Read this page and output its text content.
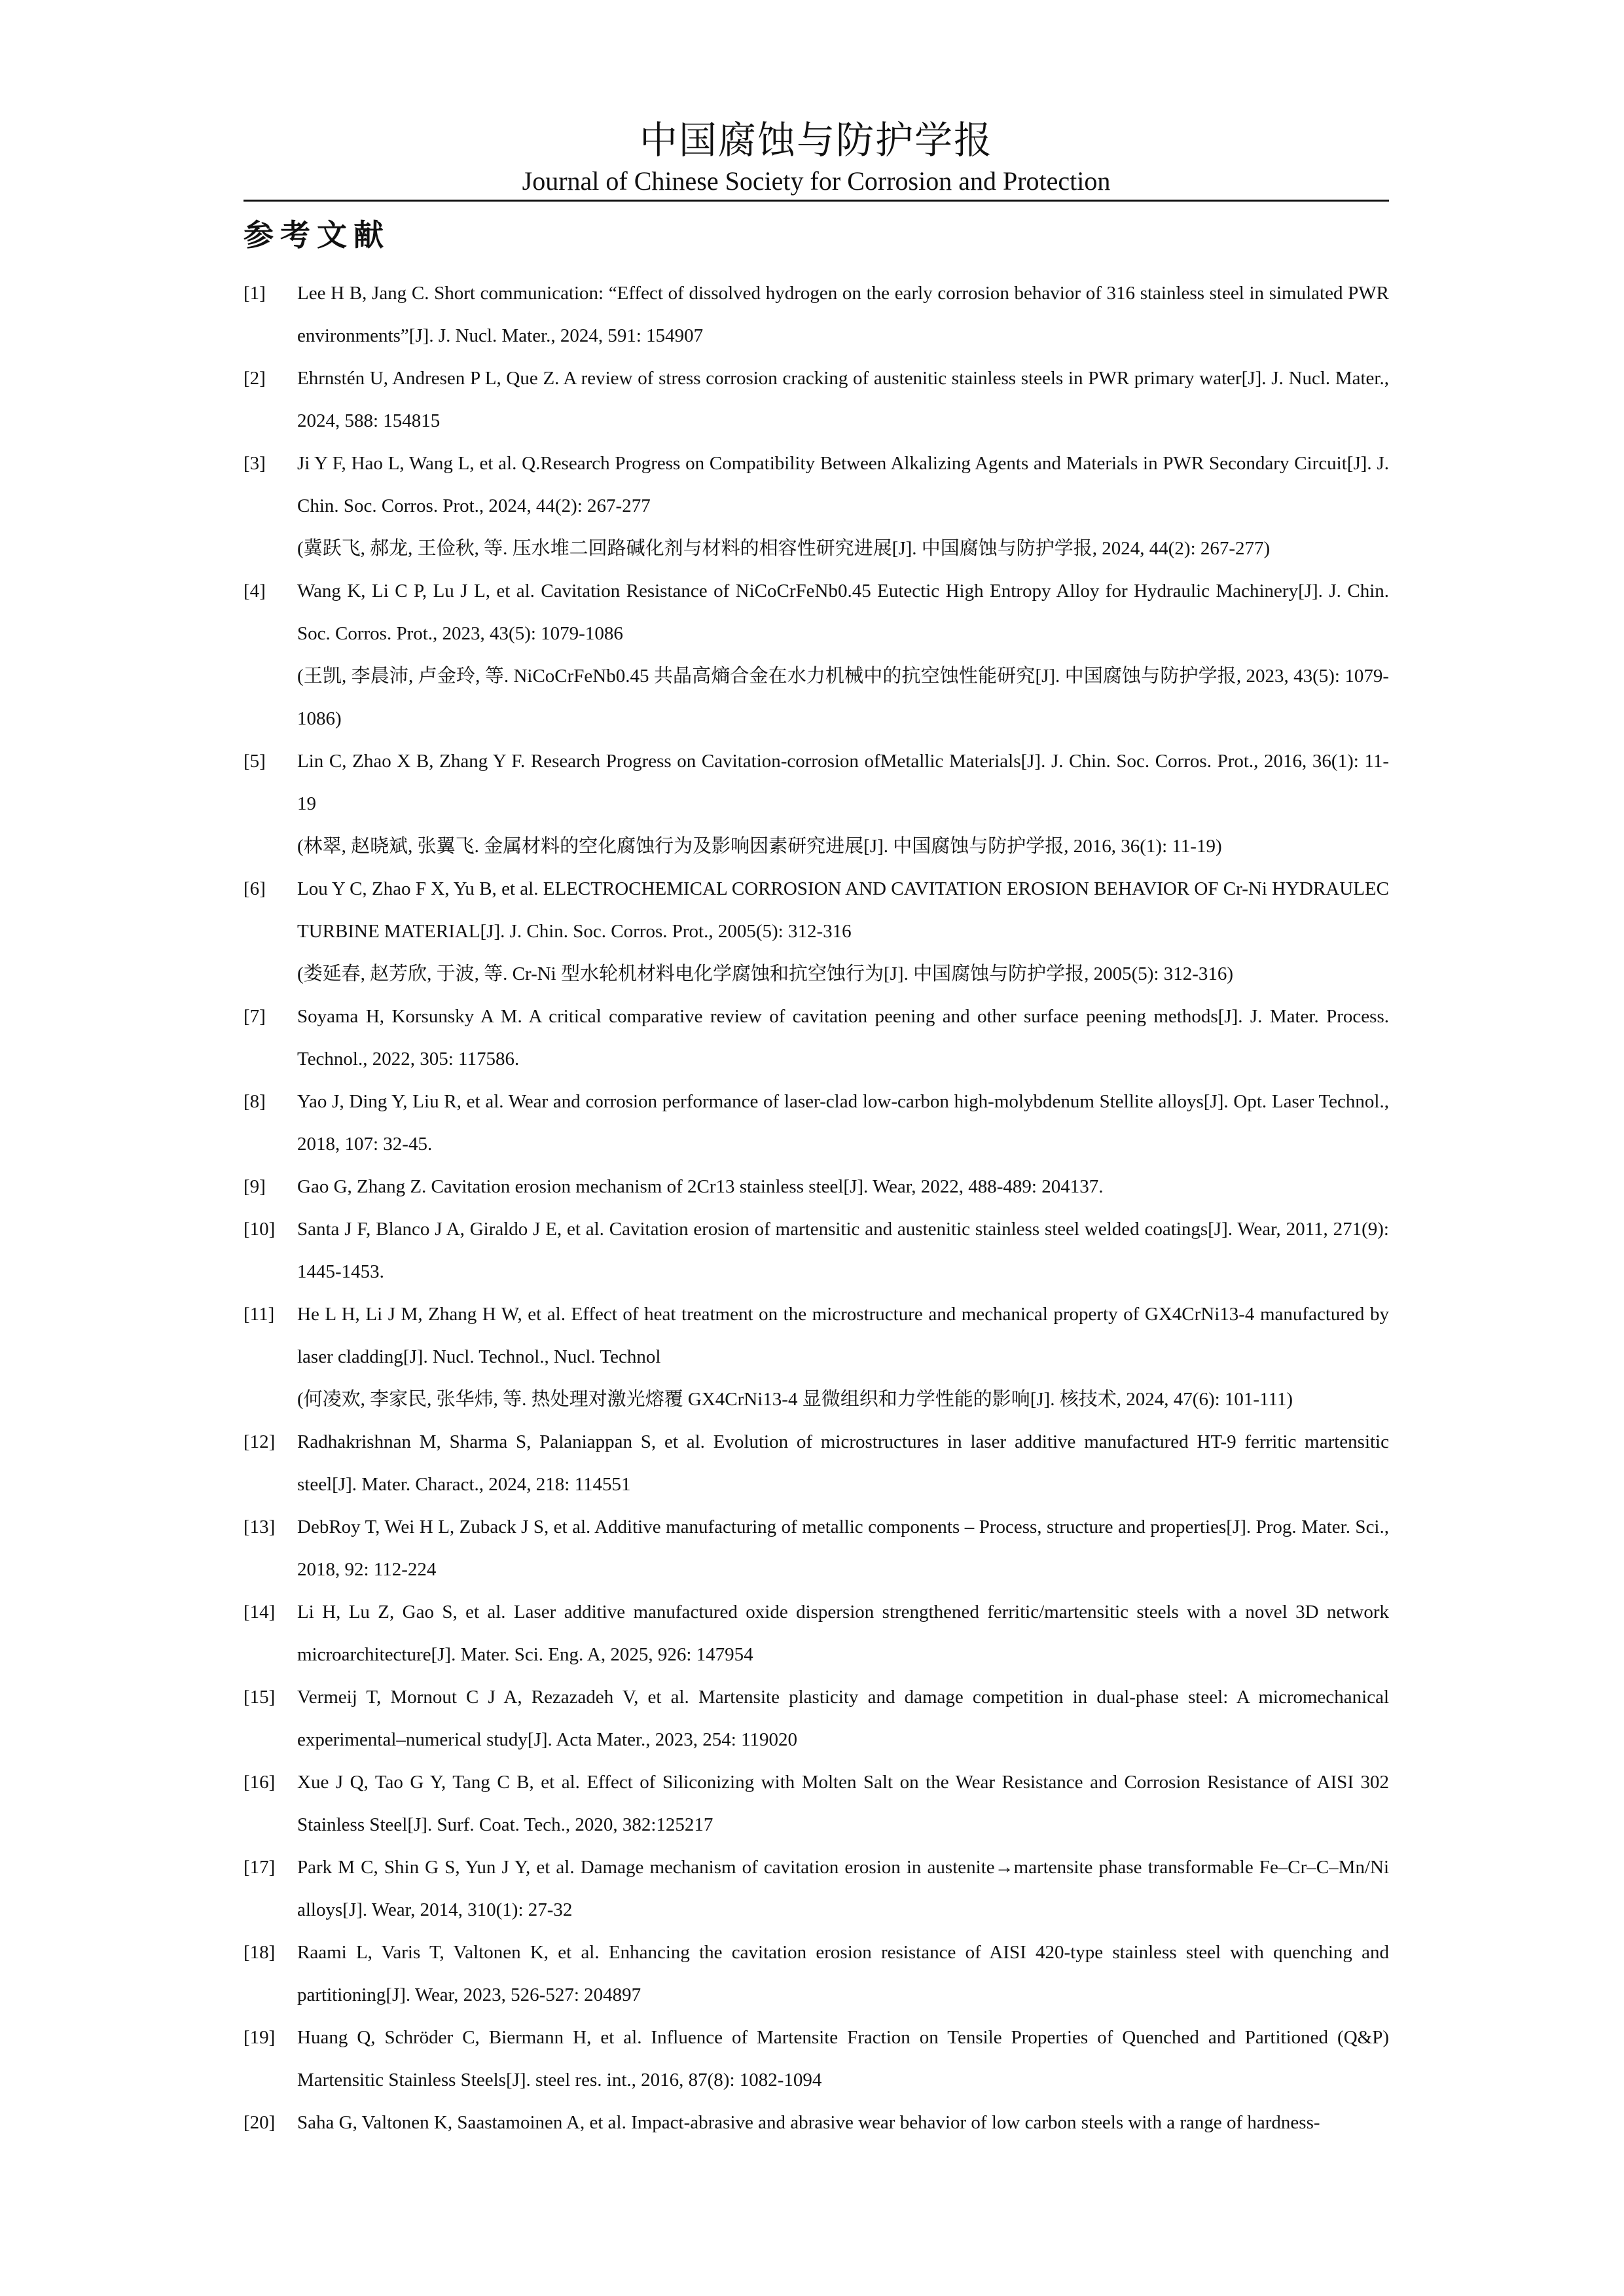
中国腐蚀与防护学报
Journal of Chinese Society for Corrosion and Protection
参考文献
[1] Lee H B, Jang C. Short communication: “Effect of dissolved hydrogen on the early corrosion behavior of 316 stainless steel in simulated PWR environments”[J]. J. Nucl. Mater., 2024, 591: 154907
[2] Ehrnstén U, Andresen P L, Que Z. A review of stress corrosion cracking of austenitic stainless steels in PWR primary water[J]. J. Nucl. Mater., 2024, 588: 154815
[3] Ji Y F, Hao L, Wang L, et al. Q.Research Progress on Compatibility Between Alkalizing Agents and Materials in PWR Secondary Circuit[J]. J. Chin. Soc. Corros. Prot., 2024, 44(2): 267-277
(冀跃飞, 郝龙, 王俭秋, 等. 压水堆二回路碱化剂与材料的相容性研究进展[J]. 中国腐蚀与防护学报, 2024, 44(2): 267-277)
[4] Wang K, Li C P, Lu J L, et al. Cavitation Resistance of NiCoCrFeNb0.45 Eutectic High Entropy Alloy for Hydraulic Machinery[J]. J. Chin. Soc. Corros. Prot., 2023, 43(5): 1079-1086
(王凯, 李晨沛, 卢金玲, 等. NiCoCrFeNb0.45 共晶高熵合金在水力机械中的抗空蚀性能研究[J]. 中国腐蚀与防护学报, 2023, 43(5): 1079-1086)
[5] Lin C, Zhao X B, Zhang Y F. Research Progress on Cavitation-corrosion ofMetallic Materials[J]. J. Chin. Soc. Corros. Prot., 2016, 36(1): 11-19
(林翠, 赵晓斌, 张翼飞. 金属材料的空化腐蚀行为及影响因素研究进展[J]. 中国腐蚀与防护学报, 2016, 36(1): 11-19)
[6] Lou Y C, Zhao F X, Yu B, et al. ELECTROCHEMICAL CORROSION AND CAVITATION EROSION BEHAVIOR OF Cr-Ni HYDRAULEC TURBINE MATERIAL[J]. J. Chin. Soc. Corros. Prot., 2005(5): 312-316
(娄延春, 赵芳欣, 于波, 等. Cr-Ni 型水轮机材料电化学腐蚀和抗空蚀行为[J]. 中国腐蚀与防护学报, 2005(5): 312-316)
[7] Soyama H, Korsunsky A M. A critical comparative review of cavitation peening and other surface peening methods[J]. J. Mater. Process. Technol., 2022, 305: 117586.
[8] Yao J, Ding Y, Liu R, et al. Wear and corrosion performance of laser-clad low-carbon high-molybdenum Stellite alloys[J]. Opt. Laser Technol., 2018, 107: 32-45.
[9] Gao G, Zhang Z. Cavitation erosion mechanism of 2Cr13 stainless steel[J]. Wear, 2022, 488-489: 204137.
[10] Santa J F, Blanco J A, Giraldo J E, et al. Cavitation erosion of martensitic and austenitic stainless steel welded coatings[J]. Wear, 2011, 271(9): 1445-1453.
[11] He L H, Li J M, Zhang H W, et al. Effect of heat treatment on the microstructure and mechanical property of GX4CrNi13-4 manufactured by laser cladding[J]. Nucl. Technol., Nucl. Technol
(何凌欢, 李家民, 张华炜, 等. 热处理对激光熔覆 GX4CrNi13-4 显微组织和力学性能的影响[J]. 核技术, 2024, 47(6): 101-111)
[12] Radhakrishnan M, Sharma S, Palaniappan S, et al. Evolution of microstructures in laser additive manufactured HT-9 ferritic martensitic steel[J]. Mater. Charact., 2024, 218: 114551
[13] DebRoy T, Wei H L, Zuback J S, et al. Additive manufacturing of metallic components – Process, structure and properties[J]. Prog. Mater. Sci., 2018, 92: 112-224
[14] Li H, Lu Z, Gao S, et al. Laser additive manufactured oxide dispersion strengthened ferritic/martensitic steels with a novel 3D network microarchitecture[J]. Mater. Sci. Eng. A, 2025, 926: 147954
[15] Vermeij T, Mornout C J A, Rezazadeh V, et al. Martensite plasticity and damage competition in dual-phase steel: A micromechanical experimental–numerical study[J]. Acta Mater., 2023, 254: 119020
[16] Xue J Q, Tao G Y, Tang C B, et al. Effect of Siliconizing with Molten Salt on the Wear Resistance and Corrosion Resistance of AISI 302 Stainless Steel[J]. Surf. Coat. Tech., 2020, 382:125217
[17] Park M C, Shin G S, Yun J Y, et al. Damage mechanism of cavitation erosion in austenite→martensite phase transformable Fe–Cr–C–Mn/Ni alloys[J]. Wear, 2014, 310(1): 27-32
[18] Raami L, Varis T, Valtonen K, et al. Enhancing the cavitation erosion resistance of AISI 420-type stainless steel with quenching and partitioning[J]. Wear, 2023, 526-527: 204897
[19] Huang Q, Schröder C, Biermann H, et al. Influence of Martensite Fraction on Tensile Properties of Quenched and Partitioned (Q&P) Martensitic Stainless Steels[J]. steel res. int., 2016, 87(8): 1082-1094
[20] Saha G, Valtonen K, Saastamoinen A, et al. Impact-abrasive and abrasive wear behavior of low carbon steels with a range of hardness-
